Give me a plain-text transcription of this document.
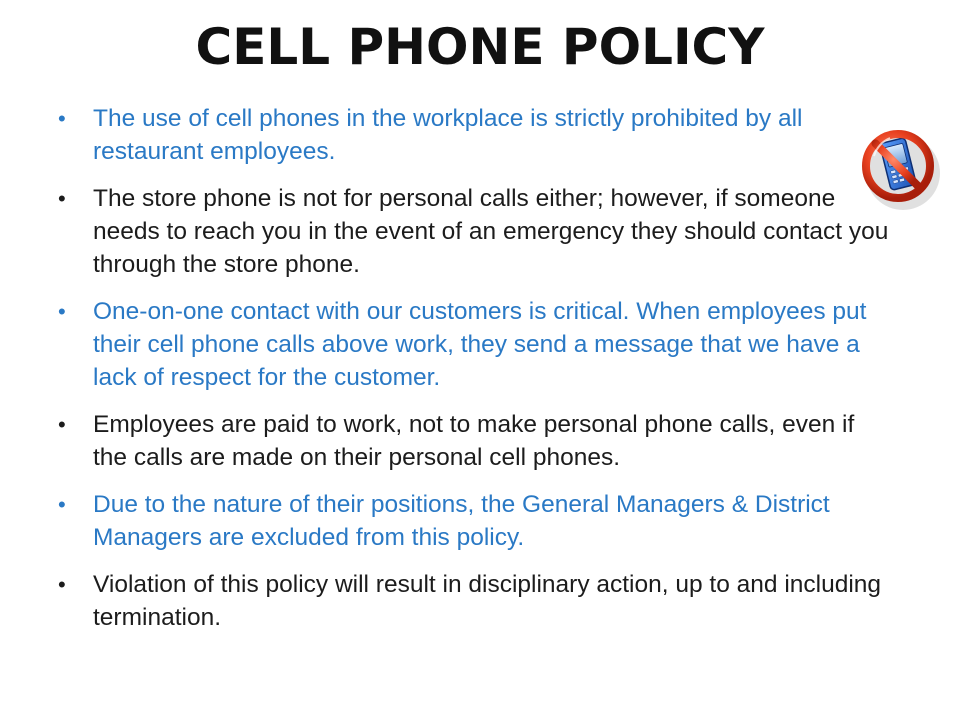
CELL PHONE POLICY
• The use of cell phones in the workplace is strictly prohibited by all restaurant employees.
• The store phone is not for personal calls either; however, if someone needs to reach you in the event of an emergency they should contact you through the store phone.
• One-on-one contact with our customers is critical. When employees put their cell phone calls above work, they send a message that we have a lack of respect for the customer.
• Employees are paid to work, not to make personal phone calls, even if the calls are made on their personal cell phones.
• Due to the nature of their positions, the General Managers & District Managers are excluded from this policy.
• Violation of this policy will result in disciplinary action, up to and including termination.
